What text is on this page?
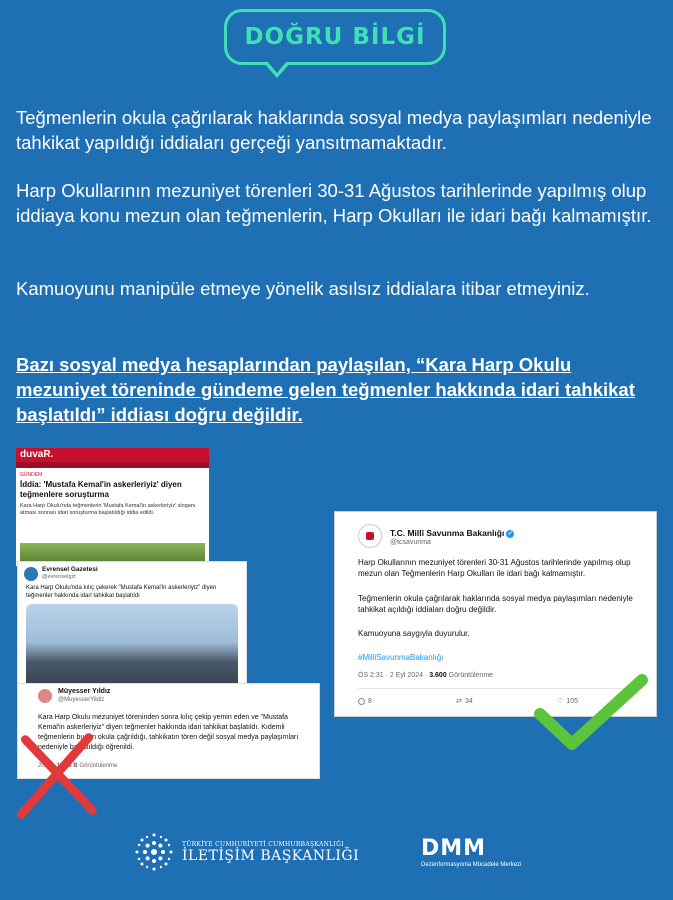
DOĞRU BİLGİ
Teğmenlerin okula çağrılarak haklarında sosyal medya paylaşımları nedeniyle tahkikat yapıldığı iddiaları gerçeği yansıtmamaktadır.
Harp Okullarının mezuniyet törenleri 30-31 Ağustos tarihlerinde yapılmış olup iddiaya konu mezun olan teğmenlerin, Harp Okulları ile idari bağı kalmamıştır.
Kamuoyunu manipüle etmeye yönelik asılsız iddialara itibar etmeyiniz.
Bazı sosyal medya hesaplarından paylaşılan, “Kara Harp Okulu mezuniyet töreninde gündeme gelen teğmenler hakkında idari tahkikat başlatıldı” iddiası doğru değildir.
duvaR.
GÜNDEM
İddia: 'Mustafa Kemal'in askerleriyiz' diyen teğmenlere soruşturma
Kara Harp Okulu'nda teğmenlerin 'Mustafa Kemal'in askerleriyiz' sloganı atması sonrası idari soruşturma başlatıldığı iddia edildi.
Evrensel Gazetesi
@evrenselgzt
Kara Harp Okulu'nda kılıç çekerek "Mustafa Kemal'in askerleriyiz" diyen teğmenler hakkında idari tahkikat başlatıldı
Müyesser Yıldız
@MuyesserYildiz
Kara Harp Okulu mezuniyet töreninden sonra kılıç çekip yemin eden ve "Mustafa Kemal'in askerleriyiz" diyen teğmenler hakkında idari tahkikat başlatıldı. Kıdemli teğmenlerin bugün okula çağrıldığı, tahkikatın tören değil sosyal medya paylaşımları nedeniyle başlatıldığı öğrenildi.
2024 · 108,6 B Görüntülenme
T.C. Millî Savunma Bakanlığı ✓
@tcsavunma
Harp Okullarının mezuniyet törenleri 30-31 Ağustos tarihlerinde yapılmış olup mezun olan Teğmenlerin Harp Okulları ile idari bağı kalmamıştır.
Teğmenlerin okula çağrılarak haklarında sosyal medya paylaşımları nedeniyle tahkikat açıldığı iddiaları doğru değildir.
Kamuoyuna saygıyla duyurulur.
#MilliSavunmaBakanlığı
ÖS 2:31 · 2 Eyl 2024 · 3.600 Görüntülenme
8	⇄ 34	♡ 105
TÜRKİYE CUMHURİYETİ CUMHURBAŞKANLIĞI
İLETİŞİM BAŞKANLIĞI	DMM
Dezenformasyonla Mücadele Merkezi
